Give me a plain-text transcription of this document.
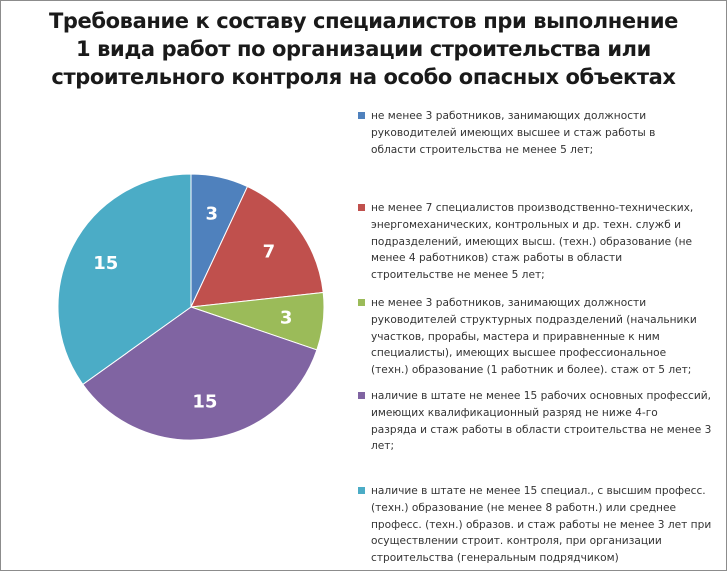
Требование к составу специалистов при выполнение
1 вида работ по организации строительства или
строительного контроля на особо опасных объектах
3
7
3
15
15
не менее 3 работников, занимающих должности
руководителей имеющих высшее и стаж работы в
области строительства не менее 5 лет;
не менее 7 специалистов производственно-технических,
энергомеханических, контрольных и др. техн. служб и
подразделений, имеющих высш. (техн.) образование (не
менее 4 работников) стаж работы в области
строительстве не менее 5 лет;
не менее 3 работников, занимающих должности
руководителей структурных подразделений (начальники
участков, прорабы, мастера и приравненные к ним
специалисты), имеющих высшее профессиональное
(техн.) образование (1 работник и более). стаж от 5 лет;
наличие в штате не менее 15 рабочих основных профессий,
имеющих квалификационный разряд не ниже 4-го
разряда и стаж работы в области строительства не менее 3
лет;
наличие в штате не менее 15 специал., с высшим професс.
(техн.) образование (не менее 8 работн.) или среднее
професс. (техн.) образов. и стаж работы не менее 3 лет при
осуществлении строит. контроля, при организации
строительства (генеральным подрядчиком)
